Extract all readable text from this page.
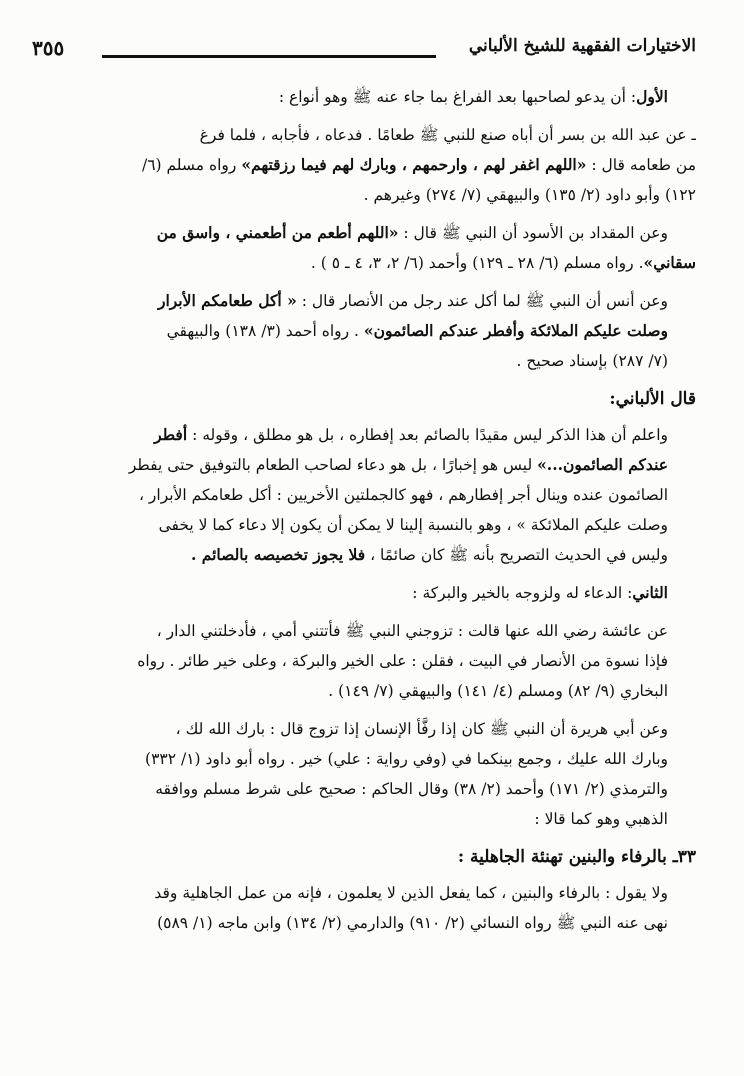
٣٥٥	الاختيارات الفقهية للشيخ الألباني

الأول: أن يدعو لصاحبها بعد الفراغ بما جاء عنه ﷺ وهو أنواع :

ـ عن عبد الله بن بسر أن أباه صنع للنبي ﷺ طعامًا . فدعاه ، فأجابه ، فلما فرغ
من طعامه قال : «اللهم اغفر لهم ، وارحمهم ، وبارك لهم فيما رزقتهم» رواه مسلم (٦/
١٢٢) وأبو داود (٢/ ١٣٥) والبيهقي (٧/ ٢٧٤) وغيرهم .

وعن المقداد بن الأسود أن النبي ﷺ قال : «اللهم أطعم من أطعمني ، واسق من
سقاني». رواه مسلم (٦/ ٢٨ ـ ١٢٩) وأحمد (٦/ ٢، ٣، ٤ ـ ٥ ) .

وعن أنس أن النبي ﷺ لما أكل عند رجل من الأنصار قال : « أكل طعامكم الأبرار
وصلت عليكم الملائكة وأفطر عندكم الصائمون» . رواه أحمد (٣/ ١٣٨) والبيهقي
(٧/ ٢٨٧) بإسناد صحيح .

قال الألباني:

واعلم أن هذا الذكر ليس مقيدًا بالصائم بعد إفطاره ، بل هو مطلق ، وقوله : أفطر
عندكم الصائمون...» ليس هو إخبارًا ، بل هو دعاء لصاحب الطعام بالتوفيق حتى يفطر
الصائمون عنده وينال أجر إفطارهم ، فهو كالجملتين الأخريين : أكل طعامكم الأبرار ،
وصلت عليكم الملائكة » ، وهو بالنسبة إلينا لا يمكن أن يكون إلا دعاء كما لا يخفى
وليس في الحديث التصريح بأنه ﷺ كان صائمًا ، فلا يجوز تخصيصه بالصائم .

الثاني: الدعاء له ولزوجه بالخير والبركة :

عن عائشة رضي الله عنها قالت : تزوجني النبي ﷺ فأتتني أمي ، فأدخلتني الدار ،
فإذا نسوة من الأنصار في البيت ، فقلن : على الخير والبركة ، وعلى خير طائر . رواه
البخاري (٩/ ٨٢) ومسلم (٤/ ١٤١) والبيهقي (٧/ ١٤٩) .

وعن أبي هريرة أن النبي ﷺ كان إذا رفَّأ الإنسان إذا تزوج قال : بارك الله لك ،
وبارك الله عليك ، وجمع بينكما في (وفي رواية : علي) خير . رواه أبو داود (١/ ٣٣٢)
والترمذي (٢/ ١٧١) وأحمد (٢/ ٣٨) وقال الحاكم : صحيح على شرط مسلم ووافقه
الذهبي وهو كما قالا :

٣٣ـ بالرفاء والبنين تهنئة الجاهلية :

ولا يقول : بالرفاء والبنين ، كما يفعل الذين لا يعلمون ، فإنه من عمل الجاهلية وقد
نهى عنه النبي ﷺ رواه النسائي (٢/ ٩١٠) والدارمي (٢/ ١٣٤) وابن ماجه (١/ ٥٨٩)
